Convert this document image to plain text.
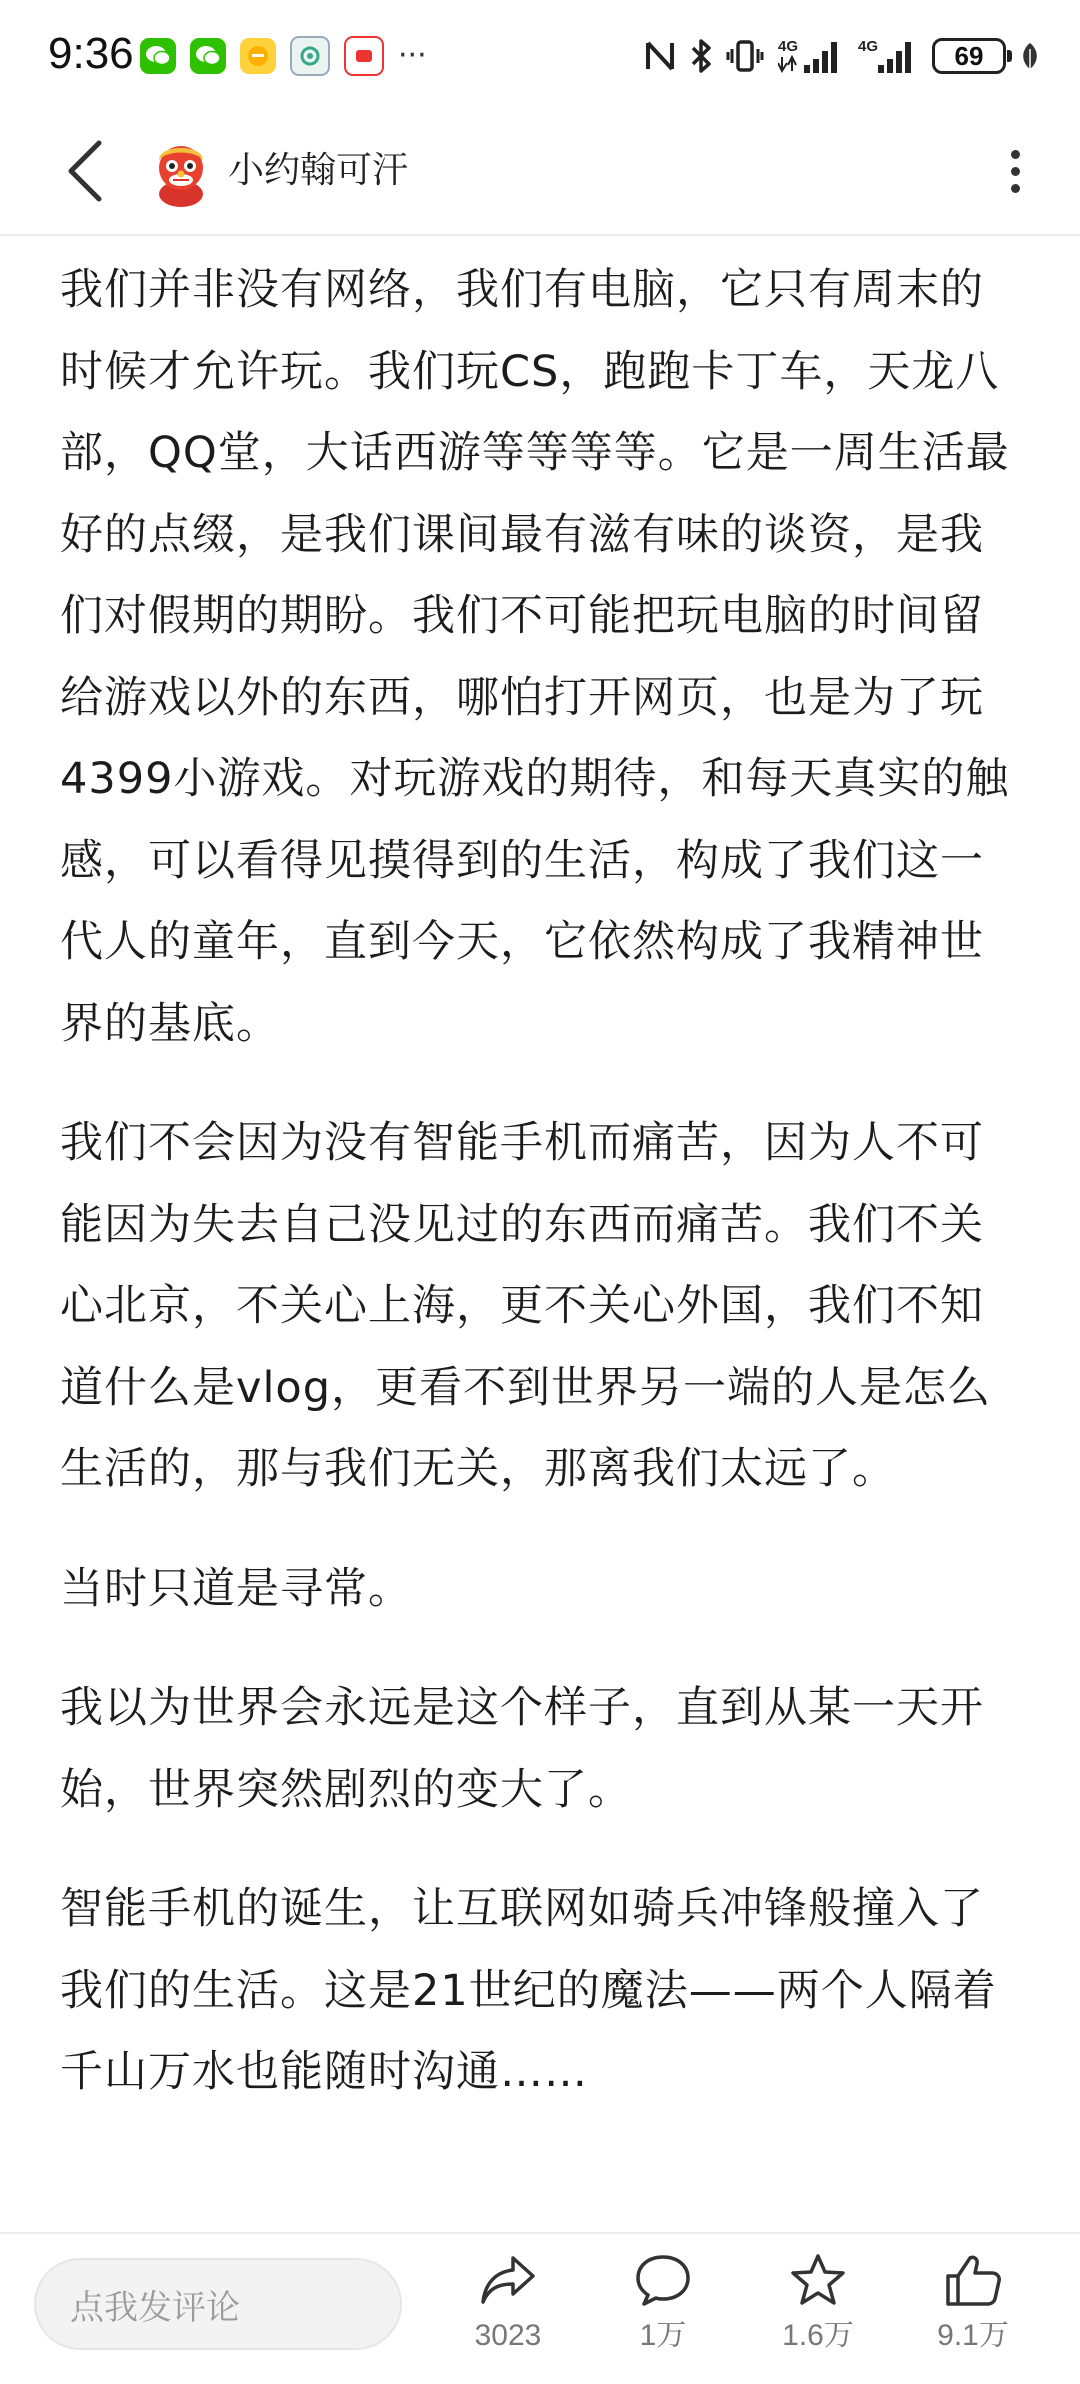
9:36	···	4G	4G	69
小约翰可汗

我们并非没有网络，我们有电脑，它只有周末的时候才允许玩。我们玩CS，跑跑卡丁车，天龙八部，QQ堂，大话西游等等等等。它是一周生活最好的点缀，是我们课间最有滋有味的谈资，是我们对假期的期盼。我们不可能把玩电脑的时间留给游戏以外的东西，哪怕打开网页，也是为了玩4399小游戏。对玩游戏的期待，和每天真实的触感，可以看得见摸得到的生活，构成了我们这一代人的童年，直到今天，它依然构成了我精神世界的基底。

我们不会因为没有智能手机而痛苦，因为人不可能因为失去自己没见过的东西而痛苦。我们不关心北京，不关心上海，更不关心外国，我们不知道什么是vlog，更看不到世界另一端的人是怎么生活的，那与我们无关，那离我们太远了。

当时只道是寻常。

我以为世界会永远是这个样子，直到从某一天开始，世界突然剧烈的变大了。

智能手机的诞生，让互联网如骑兵冲锋般撞入了我们的生活。这是21世纪的魔法——两个人隔着千山万水也能随时沟通……

点我发评论
3023	1万	1.6万	9.1万
